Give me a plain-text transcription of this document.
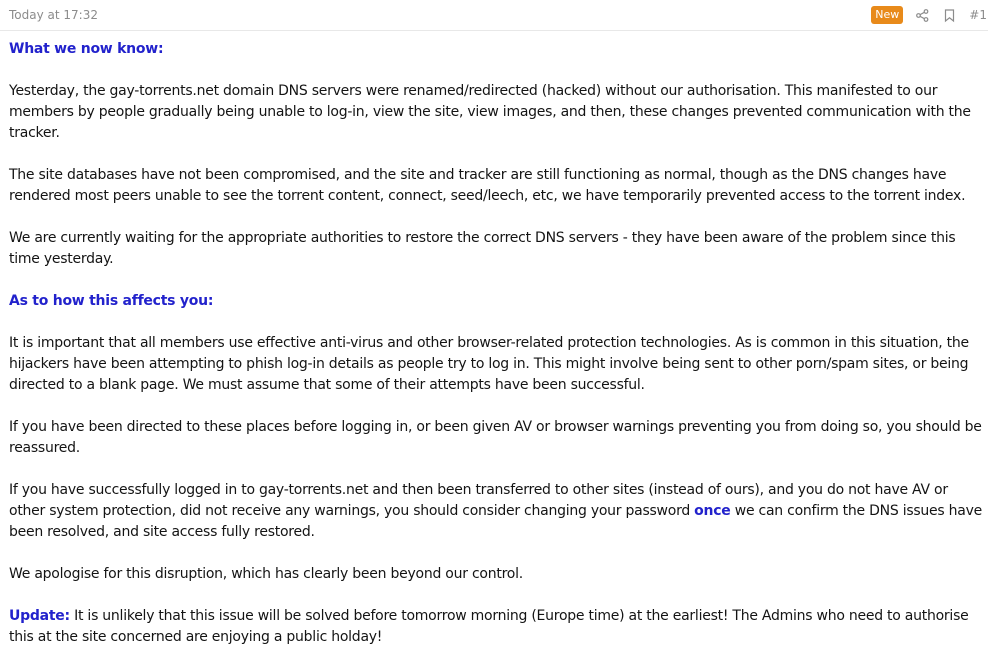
Today at 17:32	New	#1

What we now know:

Yesterday, the gay-torrents.net domain DNS servers were renamed/redirected (hacked) without our authorisation. This manifested to our members by people gradually being unable to log-in, view the site, view images, and then, these changes prevented communication with the tracker.

The site databases have not been compromised, and the site and tracker are still functioning as normal, though as the DNS changes have rendered most peers unable to see the torrent content, connect, seed/leech, etc, we have temporarily prevented access to the torrent index.

We are currently waiting for the appropriate authorities to restore the correct DNS servers - they have been aware of the problem since this time yesterday.

As to how this affects you:

It is important that all members use effective anti-virus and other browser-related protection technologies. As is common in this situation, the hijackers have been attempting to phish log-in details as people try to log in. This might involve being sent to other porn/spam sites, or being directed to a blank page. We must assume that some of their attempts have been successful.

If you have been directed to these places before logging in, or been given AV or browser warnings preventing you from doing so, you should be reassured.

If you have successfully logged in to gay-torrents.net and then been transferred to other sites (instead of ours), and you do not have AV or other system protection, did not receive any warnings, you should consider changing your password once we can confirm the DNS issues have been resolved, and site access fully restored.

We apologise for this disruption, which has clearly been beyond our control.

Update: It is unlikely that this issue will be solved before tomorrow morning (Europe time) at the earliest! The Admins who need to authorise this at the site concerned are enjoying a public holday!
